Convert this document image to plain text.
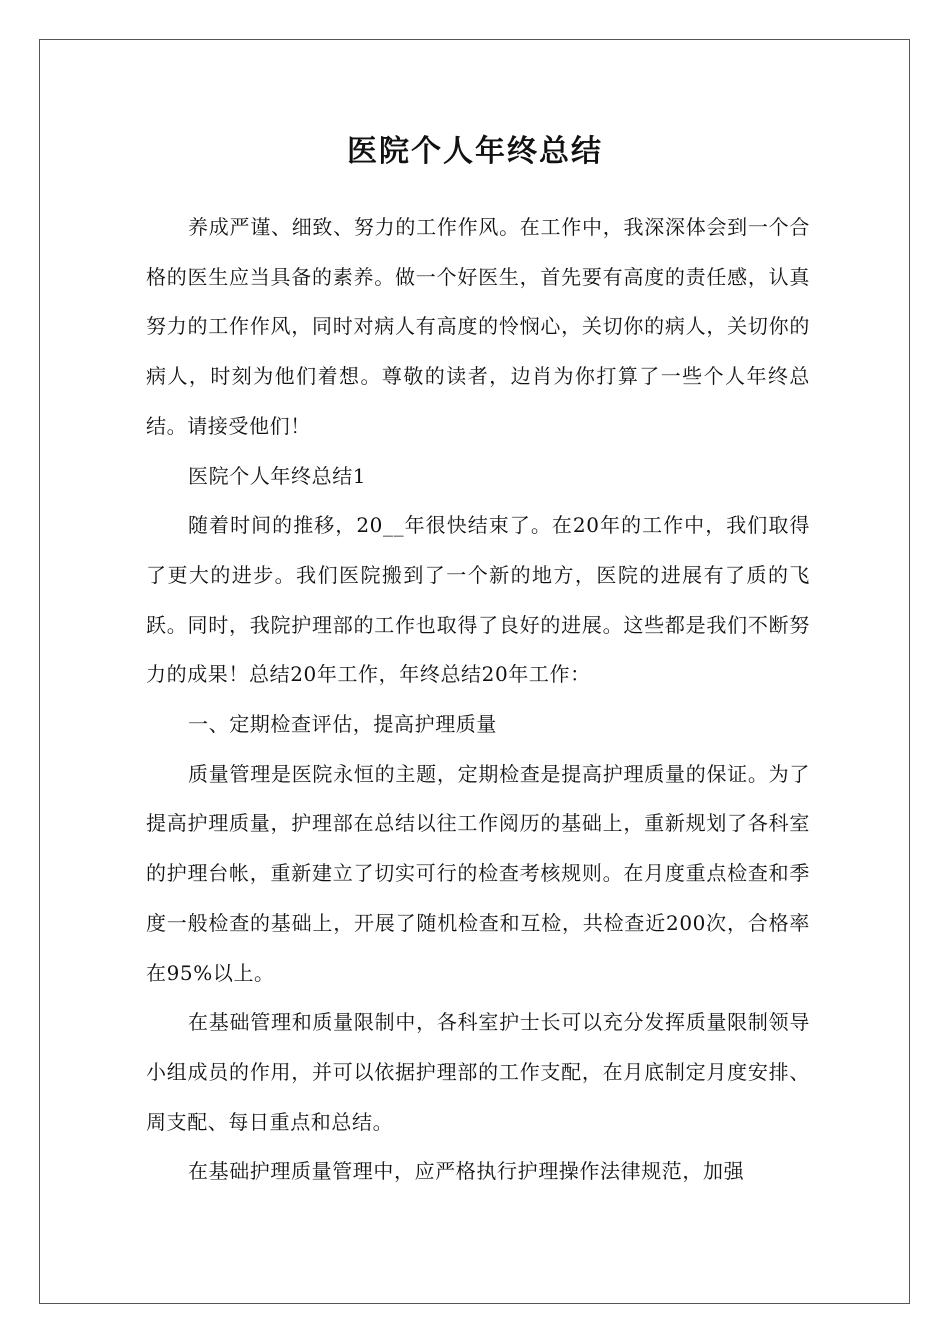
医院个人年终总结

养成严谨、细致、努力的工作作风。在工作中，我深深体会到一个合格的医生应当具备的素养。做一个好医生，首先要有高度的责任感，认真努力的工作作风，同时对病人有高度的怜悯心，关切你的病人，关切你的病人，时刻为他们着想。尊敬的读者，边肖为你打算了一些个人年终总结。请接受他们！

医院个人年终总结1

随着时间的推移，20__年很快结束了。在20年的工作中，我们取得了更大的进步。我们医院搬到了一个新的地方，医院的进展有了质的飞跃。同时，我院护理部的工作也取得了良好的进展。这些都是我们不断努力的成果！总结20年工作，年终总结20年工作：

一、定期检查评估，提高护理质量

质量管理是医院永恒的主题，定期检查是提高护理质量的保证。为了提高护理质量，护理部在总结以往工作阅历的基础上，重新规划了各科室的护理台帐，重新建立了切实可行的检查考核规则。在月度重点检查和季度一般检查的基础上，开展了随机检查和互检，共检查近200次，合格率在95%以上。

在基础管理和质量限制中，各科室护士长可以充分发挥质量限制领导小组成员的作用，并可以依据护理部的工作支配，在月底制定月度安排、周支配、每日重点和总结。

在基础护理质量管理中，应严格执行护理操作法律规范，加强
